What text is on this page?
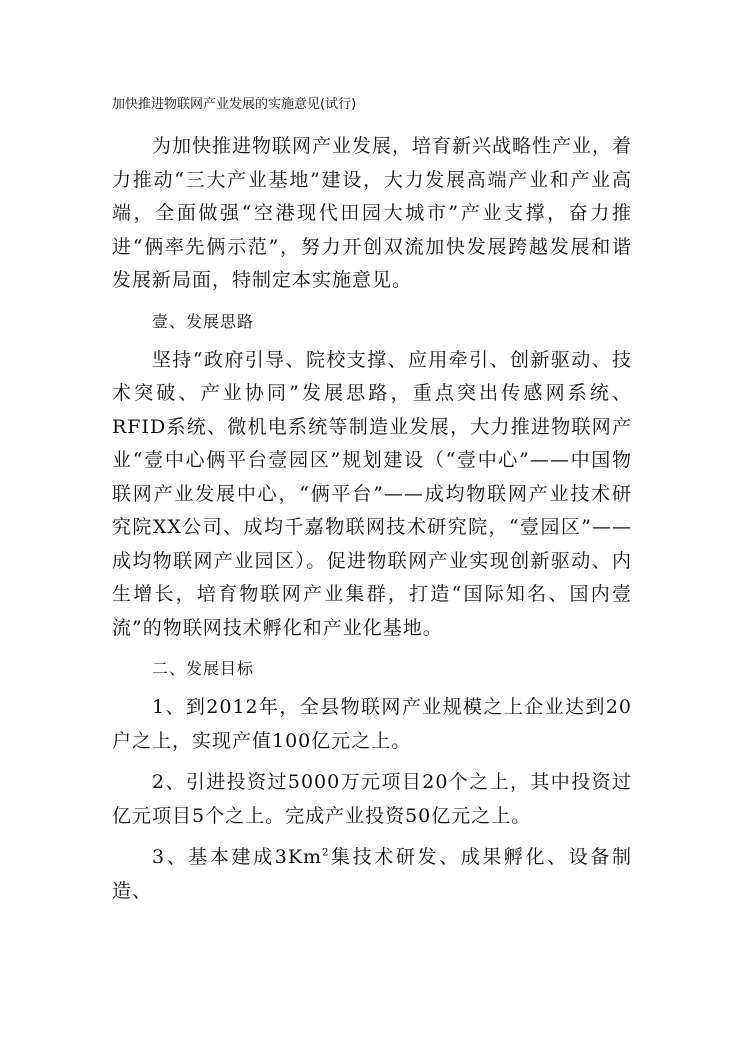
加快推进物联网产业发展的实施意见(试行)

为加快推进物联网产业发展，培育新兴战略性产业，着力推动“三大产业基地”建设，大力发展高端产业和产业高端，全面做强“空港现代田园大城市”产业支撑，奋力推进“俩率先俩示范”，努力开创双流加快发展跨越发展和谐发展新局面，特制定本实施意见。

壹、发展思路

坚持“政府引导、院校支撑、应用牵引、创新驱动、技术突破、产业协同”发展思路，重点突出传感网系统、RFID系统、微机电系统等制造业发展，大力推进物联网产业“壹中心俩平台壹园区”规划建设（“壹中心”——中国物联网产业发展中心，“俩平台”——成均物联网产业技术研究院XX公司、成均千嘉物联网技术研究院，“壹园区”——成均物联网产业园区）。促进物联网产业实现创新驱动、内生增长，培育物联网产业集群，打造“国际知名、国内壹流”的物联网技术孵化和产业化基地。

二、发展目标

1、到2012年，全县物联网产业规模之上企业达到20户之上，实现产值100亿元之上。

2、引进投资过5000万元项目20个之上，其中投资过亿元项目5个之上。完成产业投资50亿元之上。

3、基本建成3Km$^2$集技术研发、成果孵化、设备制造、
